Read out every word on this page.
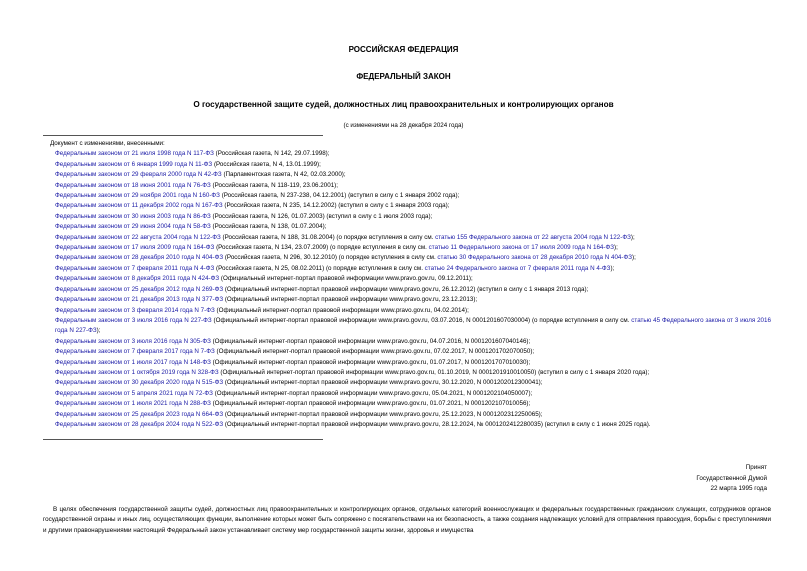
РОССИЙСКАЯ ФЕДЕРАЦИЯ
ФЕДЕРАЛЬНЫЙ ЗАКОН
О государственной защите судей, должностных лиц правоохранительных и контролирующих органов
(с изменениями на 28 декабря 2024 года)
Документ с изменениями, внесенными:
Федеральным законом от 21 июля 1998 года N 117-ФЗ (Российская газета, N 142, 29.07.1998);
Федеральным законом от 6 января 1999 года N 11-ФЗ (Российская газета, N 4, 13.01.1999);
Федеральным законом от 29 февраля 2000 года N 42-ФЗ (Парламентская газета, N 42, 02.03.2000);
Федеральным законом от 18 июня 2001 года N 76-ФЗ (Российская газета, N 118-119, 23.06.2001);
Федеральным законом от 29 ноября 2001 года N 160-ФЗ (Российская газета, N 237-238, 04.12.2001) (вступил в силу с 1 января 2002 года);
Федеральным законом от 11 декабря 2002 года N 167-ФЗ (Российская газета, N 235, 14.12.2002) (вступил в силу с 1 января 2003 года);
Федеральным законом от 30 июня 2003 года N 86-ФЗ (Российская газета, N 126, 01.07.2003) (вступил в силу с 1 июля 2003 года);
Федеральным законом от 29 июня 2004 года N 58-ФЗ (Российская газета, N 138, 01.07.2004);
Федеральным законом от 22 августа 2004 года N 122-ФЗ (Российская газета, N 188, 31.08.2004) (о порядке вступления в силу см. статью 155 Федерального закона от 22 августа 2004 года N 122-ФЗ);
Федеральным законом от 17 июля 2009 года N 164-ФЗ (Российская газета, N 134, 23.07.2009) (о порядке вступления в силу см. статью 11 Федерального закона от 17 июля 2009 года N 164-ФЗ);
Федеральным законом от 28 декабря 2010 года N 404-ФЗ (Российская газета, N 296, 30.12.2010) (о порядке вступления в силу см. статью 30 Федерального закона от 28 декабря 2010 года N 404-ФЗ);
Федеральным законом от 7 февраля 2011 года N 4-ФЗ (Российская газета, N 25, 08.02.2011) (о порядке вступления в силу см. статью 24 Федерального закона от 7 февраля 2011 года N 4-ФЗ);
Федеральным законом от 8 декабря 2011 года N 424-ФЗ (Официальный интернет-портал правовой информации www.pravo.gov.ru, 09.12.2011);
Федеральным законом от 25 декабря 2012 года N 269-ФЗ (Официальный интернет-портал правовой информации www.pravo.gov.ru, 26.12.2012) (вступил в силу с 1 января 2013 года);
Федеральным законом от 21 декабря 2013 года N 377-ФЗ (Официальный интернет-портал правовой информации www.pravo.gov.ru, 23.12.2013);
Федеральным законом от 3 февраля 2014 года N 7-ФЗ (Официальный интернет-портал правовой информации www.pravo.gov.ru, 04.02.2014);
Федеральным законом от 3 июля 2016 года N 227-ФЗ (Официальный интернет-портал правовой информации www.pravo.gov.ru, 03.07.2016, N 0001201607030004) (о порядке вступления в силу см. статью 45 Федерального закона от 3 июля 2016 года N 227-ФЗ);
Федеральным законом от 3 июля 2016 года N 305-ФЗ (Официальный интернет-портал правовой информации www.pravo.gov.ru, 04.07.2016, N 0001201607040146);
Федеральным законом от 7 февраля 2017 года N 7-ФЗ (Официальный интернет-портал правовой информации www.pravo.gov.ru, 07.02.2017, N 0001201702070050);
Федеральным законом от 1 июля 2017 года N 148-ФЗ (Официальный интернет-портал правовой информации www.pravo.gov.ru, 01.07.2017, N 0001201707010030);
Федеральным законом от 1 октября 2019 года N 328-ФЗ (Официальный интернет-портал правовой информации www.pravo.gov.ru, 01.10.2019, N 0001201910010050) (вступил в силу с 1 января 2020 года);
Федеральным законом от 30 декабря 2020 года N 515-ФЗ (Официальный интернет-портал правовой информации www.pravo.gov.ru, 30.12.2020, N 0001202012300041);
Федеральным законом от 5 апреля 2021 года N 72-ФЗ (Официальный интернет-портал правовой информации www.pravo.gov.ru, 05.04.2021, N 0001202104050007);
Федеральным законом от 1 июля 2021 года N 288-ФЗ (Официальный интернет-портал правовой информации www.pravo.gov.ru, 01.07.2021, N 0001202107010056);
Федеральным законом от 25 декабря 2023 года N 664-ФЗ (Официальный интернет-портал правовой информации www.pravo.gov.ru, 25.12.2023, N 0001202312250065);
Федеральным законом от 28 декабря 2024 года N 522-ФЗ (Официальный интернет-портал правовой информации www.pravo.gov.ru, 28.12.2024, № 0001202412280035) (вступил в силу с 1 июня 2025 года).
Принят
Государственной Думой
22 марта 1995 года
В целях обеспечения государственной защиты судей, должностных лиц правоохранительных и контролирующих органов, отдельных категорий военнослужащих и федеральных государственных гражданских служащих, сотрудников органов государственной охраны и иных лиц, осуществляющих функции, выполнение которых может быть сопряжено с посягательствами на их безопасность, а также создания надлежащих условий для отправления правосудия, борьбы с преступлениями и другими правонарушениями настоящий Федеральный закон устанавливает систему мер государственной защиты жизни, здоровья и имущества
